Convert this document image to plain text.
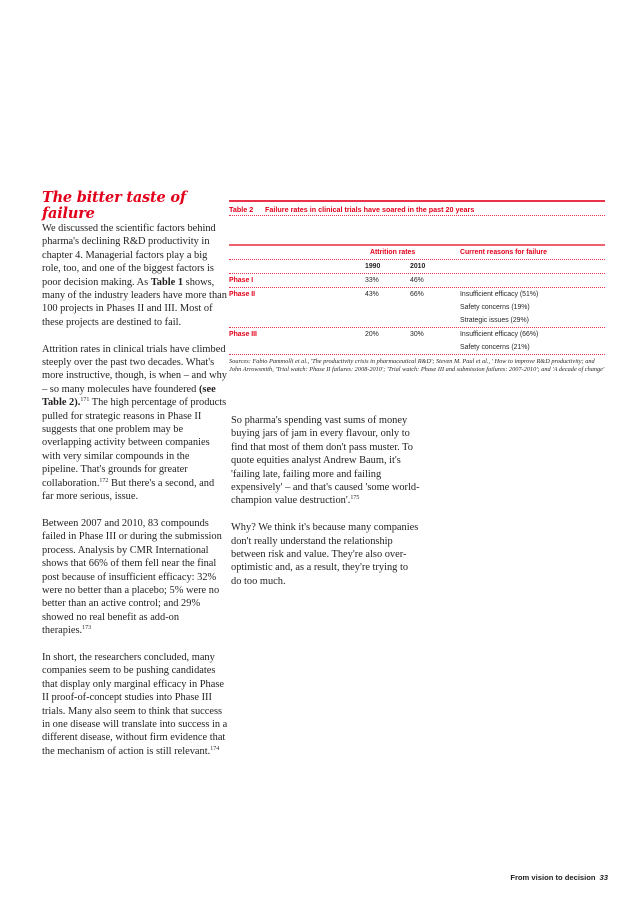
The bitter taste of failure

We discussed the scientific factors behind pharma's declining R&D productivity in chapter 4. Managerial factors play a big role, too, and one of the biggest factors is poor decision making. As Table 1 shows, many of the industry leaders have more than 100 projects in Phases II and III. Most of these projects are destined to fail.

Attrition rates in clinical trials have climbed steeply over the past two decades. What's more instructive, though, is when – and why – so many molecules have foundered (see Table 2).$^{171}$ The high percentage of products pulled for strategic reasons in Phase II suggests that one problem may be overlapping activity between companies with very similar compounds in the pipeline. That's grounds for greater collaboration.$^{172}$ But there's a second, and far more serious, issue.

Between 2007 and 2010, 83 compounds failed in Phase III or during the submission process. Analysis by CMR International shows that 66% of them fell near the final post because of insufficient efficacy: 32% were no better than a placebo; 5% were no better than an active control; and 29% showed no real benefit as add-on therapies.$^{173}$

In short, the researchers concluded, many companies seem to be pushing candidates that display only marginal efficacy in Phase II proof-of-concept studies into Phase III trials. Many also seem to think that success in one disease will translate into success in a different disease, without firm evidence that the mechanism of action is still relevant.$^{174}$

Table 2 Failure rates in clinical trials have soared in the past 20 years
Attrition rates	Current reasons for failure
1990	2010
Phase I	33%	46%
Phase II	43%	66%	Insufficient efficacy (51%)
Safety concerns (19%)
Strategic issues (29%)
Phase III	20%	30%	Insufficient efficacy (66%)
Safety concerns (21%)
Sources: Fabio Pammolli et al., 'The productivity crisis in pharmaceutical R&D'; Steven M. Paul et al., ' How to improve R&D productivity; and John Arrowsmith, 'Trial watch: Phase II failures: 2008-2010'; 'Trial watch: Phase III and submission failures: 2007-2010'; and 'A decade of change'

So pharma's spending vast sums of money buying jars of jam in every flavour, only to find that most of them don't pass muster. To quote equities analyst Andrew Baum, it's 'failing late, failing more and failing expensively' – and that's caused 'some world-champion value destruction'.$^{175}$

Why? We think it's because many companies don't really understand the relationship between risk and value. They're also over-optimistic and, as a result, they're trying to do too much.

From vision to decision 33
